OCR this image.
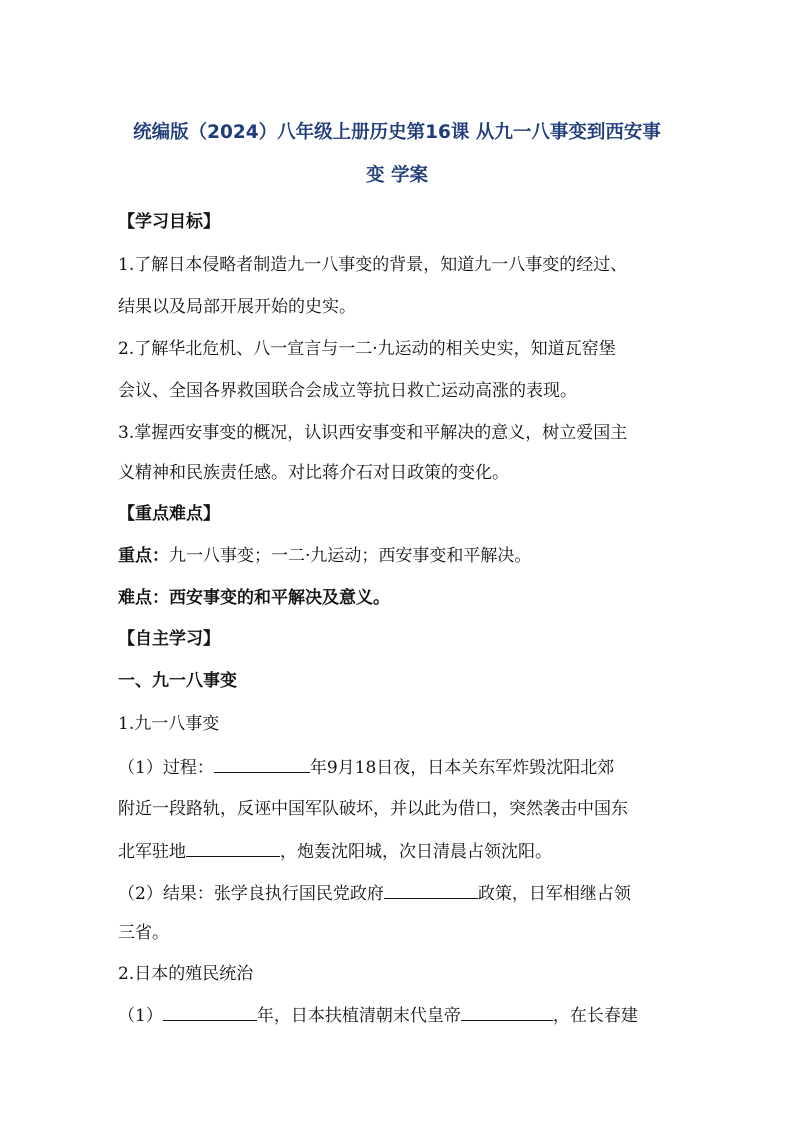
统编版（2024）八年级上册历史第16课 从九一八事变到西安事
变 学案
【学习目标】
1.了解日本侵略者制造九一八事变的背景，知道九一八事变的经过、
结果以及局部开展开始的史实。
2.了解华北危机、八一宣言与一二·九运动的相关史实，知道瓦窑堡
会议、全国各界救国联合会成立等抗日救亡运动高涨的表现。
3.掌握西安事变的概况，认识西安事变和平解决的意义，树立爱国主
义精神和民族责任感。对比蒋介石对日政策的变化。
【重点难点】
重点：九一八事变；一二·九运动；西安事变和平解决。
难点：西安事变的和平解决及意义。
【自主学习】
一、九一八事变
1.九一八事变
（1）过程：	年9月18日夜，日本关东军炸毁沈阳北郊
附近一段路轨，反诬中国军队破坏，并以此为借口，突然袭击中国东
北军驻地	，炮轰沈阳城，次日清晨占领沈阳。
（2）结果：张学良执行国民党政府	政策，日军相继占领
三省。
2.日本的殖民统治
（1）	年，日本扶植清朝末代皇帝	，在长春建
